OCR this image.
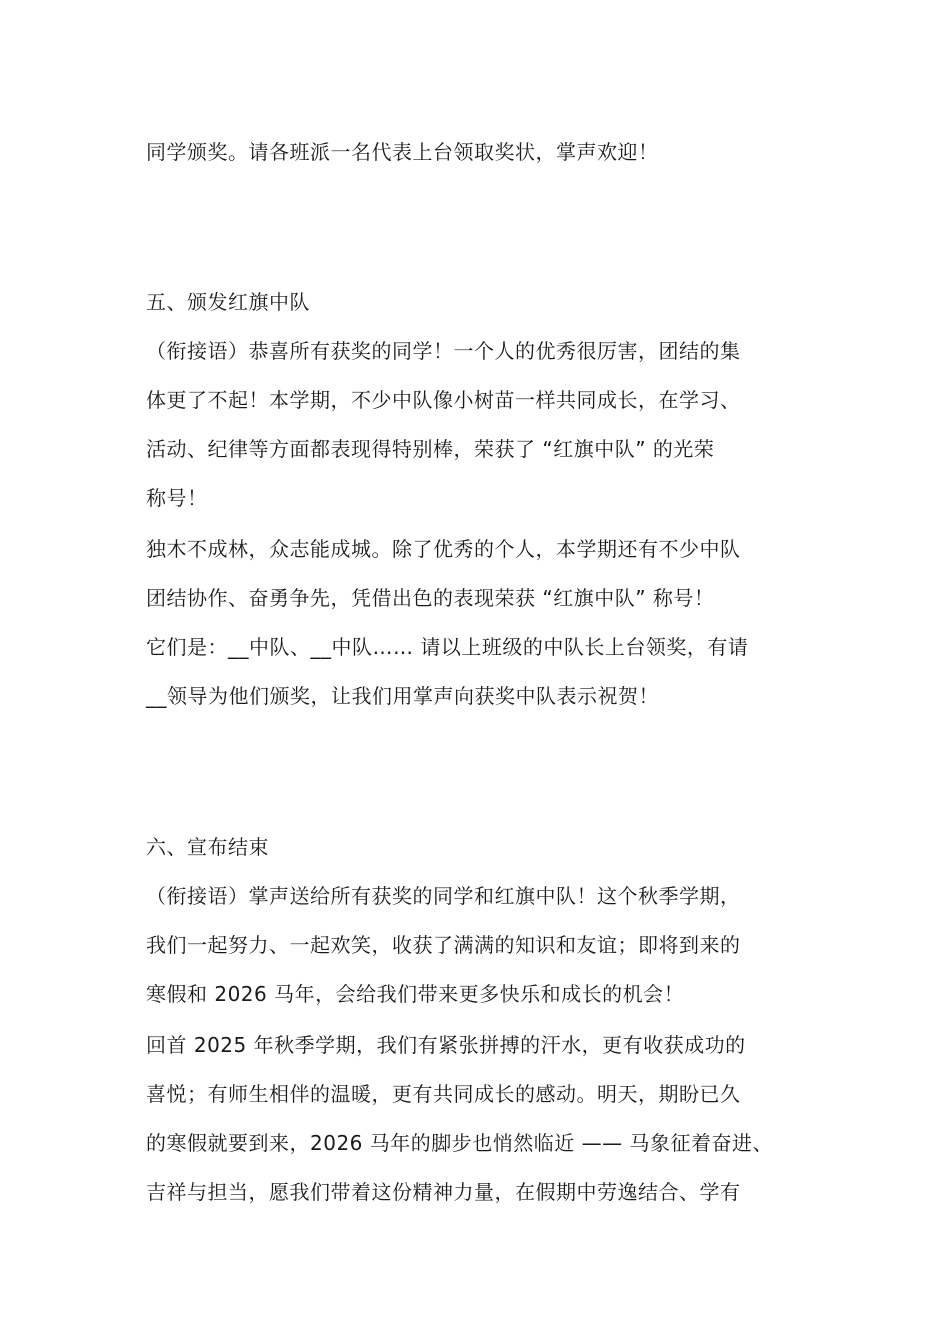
同学颁奖。请各班派一名代表上台领取奖状，掌声欢迎！
五、颁发红旗中队
（衔接语）恭喜所有获奖的同学！一个人的优秀很厉害，团结的集
体更了不起！本学期，不少中队像小树苗一样共同成长，在学习、
活动、纪律等方面都表现得特别棒，荣获了 “红旗中队” 的光荣
称号！
独木不成林，众志能成城。除了优秀的个人，本学期还有不少中队
团结协作、奋勇争先，凭借出色的表现荣获 “红旗中队” 称号！
它们是：__中队、__中队…… 请以上班级的中队长上台领奖，有请
__领导为他们颁奖，让我们用掌声向获奖中队表示祝贺！
六、宣布结束
（衔接语）掌声送给所有获奖的同学和红旗中队！这个秋季学期，
我们一起努力、一起欢笑，收获了满满的知识和友谊；即将到来的
寒假和 2026 马年，会给我们带来更多快乐和成长的机会！
回首 2025 年秋季学期，我们有紧张拼搏的汗水，更有收获成功的
喜悦；有师生相伴的温暖，更有共同成长的感动。明天，期盼已久
的寒假就要到来，2026 马年的脚步也悄然临近 —— 马象征着奋进、
吉祥与担当，愿我们带着这份精神力量，在假期中劳逸结合、学有
